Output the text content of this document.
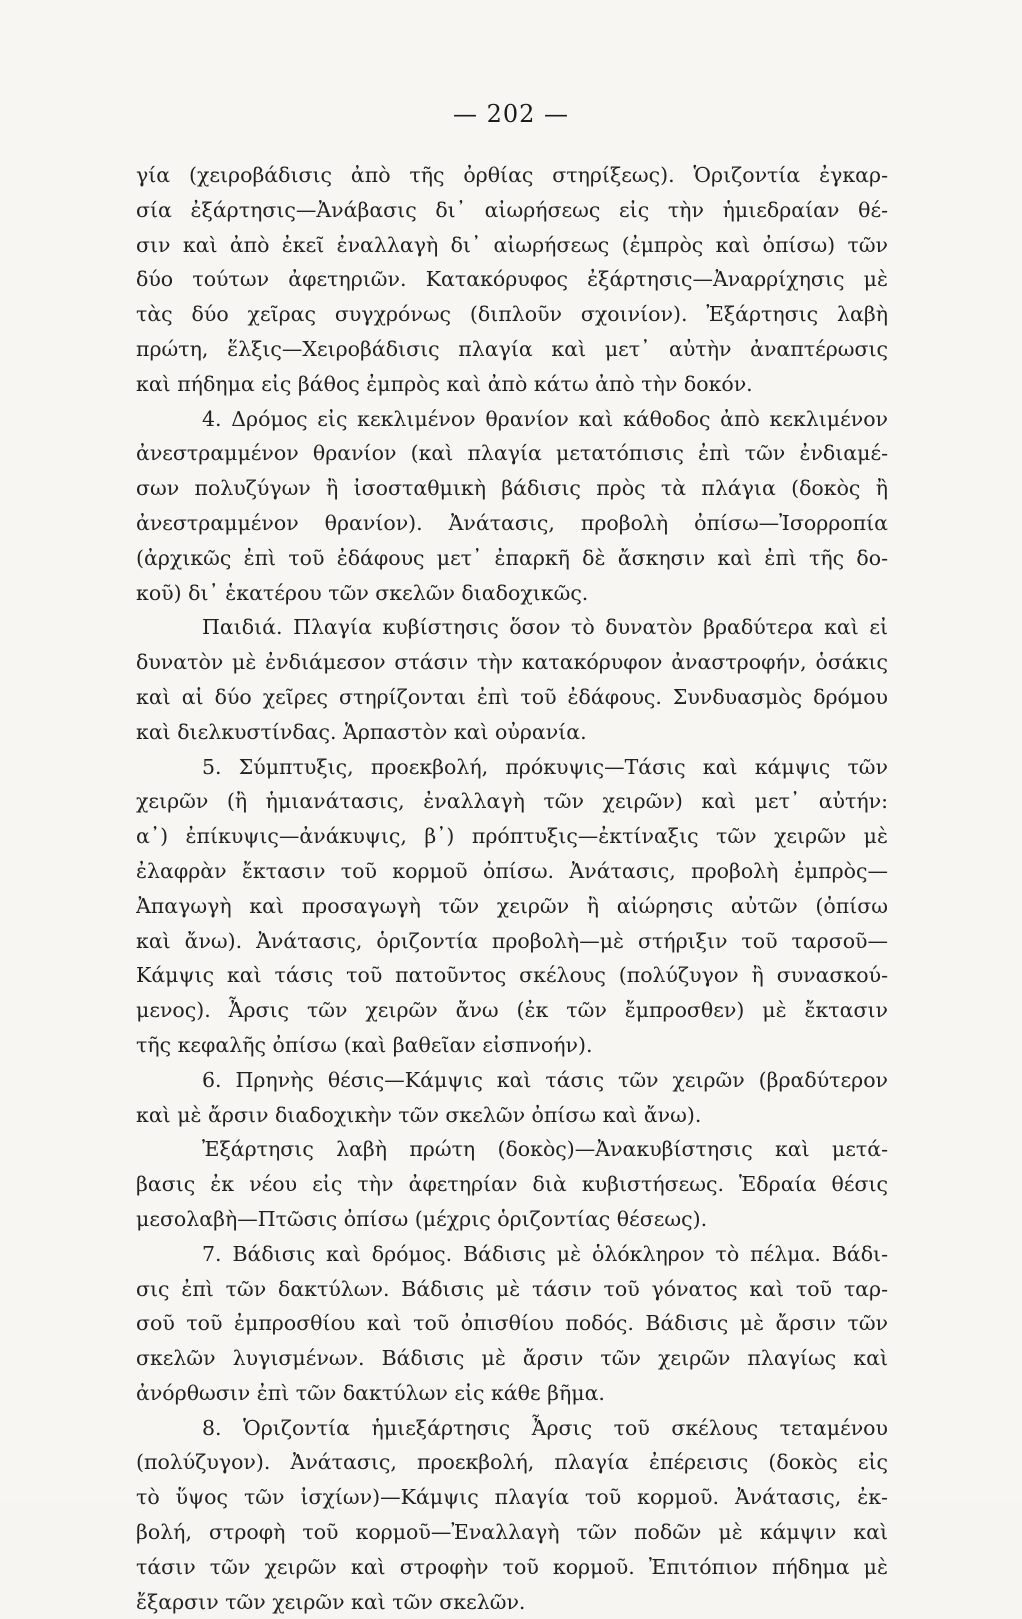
— 202 —
γία (χειροβάδισις ἀπὸ τῆς ὀρθίας στηρίξεως). Ὁριζοντία ἐγκαρ-
σία ἐξάρτησις—Ἀνάβασις δι᾽ αἰωρήσεως εἰς τὴν ἡμιεδραίαν θέ-
σιν καὶ ἀπὸ ἐκεῖ ἐναλλαγὴ δι᾽ αἰωρήσεως (ἐμπρὸς καὶ ὀπίσω) τῶν
δύο τούτων ἀφετηριῶν. Κατακόρυφος ἐξάρτησις—Ἀναρρίχησις μὲ
τὰς δύο χεῖρας συγχρόνως (διπλοῦν σχοινίον). Ἐξάρτησις λαβὴ
πρώτη, ἕλξις—Χειροβάδισις πλαγία καὶ μετ᾽ αὐτὴν ἀναπτέρωσις
καὶ πήδημα εἰς βάθος ἐμπρὸς καὶ ἀπὸ κάτω ἀπὸ τὴν δοκόν.
4. Δρόμος εἰς κεκλιμένον θρανίον καὶ κάθοδος ἀπὸ κεκλιμένον
ἀνεστραμμένον θρανίον (καὶ πλαγία μετατόπισις ἐπὶ τῶν ἐνδιαμέ-
σων πολυζύγων ἢ ἰσοσταθμικὴ βάδισις πρὸς τὰ πλάγια (δοκὸς ἢ
ἀνεστραμμένον θρανίον). Ἀνάτασις, προβολὴ ὀπίσω—Ἰσορροπία
(ἀρχικῶς ἐπὶ τοῦ ἐδάφους μετ᾽ ἐπαρκῆ δὲ ἄσκησιν καὶ ἐπὶ τῆς δο-
κοῦ) δι᾽ ἑκατέρου τῶν σκελῶν διαδοχικῶς.
Παιδιά. Πλαγία κυβίστησις ὅσον τὸ δυνατὸν βραδύτερα καὶ εἰ
δυνατὸν μὲ ἐνδιάμεσον στάσιν τὴν κατακόρυφον ἀναστροφήν, ὁσάκις
καὶ αἱ δύο χεῖρες στηρίζονται ἐπὶ τοῦ ἐδάφους. Συνδυασμὸς δρόμου
καὶ διελκυστίνδας. Ἁρπαστὸν καὶ οὐρανία.
5. Σύμπτυξις, προεκβολή, πρόκυψις—Τάσις καὶ κάμψις τῶν
χειρῶν (ἢ ἡμιανάτασις, ἐναλλαγὴ τῶν χειρῶν) καὶ μετ᾽ αὐτήν:
α᾽) ἐπίκυψις—ἀνάκυψις, β᾽) πρόπτυξις—ἐκτίναξις τῶν χειρῶν μὲ
ἐλαφρὰν ἔκτασιν τοῦ κορμοῦ ὀπίσω. Ἀνάτασις, προβολὴ ἐμπρὸς—
Ἀπαγωγὴ καὶ προσαγωγὴ τῶν χειρῶν ἢ αἰώρησις αὐτῶν (ὀπίσω
καὶ ἄνω). Ἀνάτασις, ὁριζοντία προβολὴ—μὲ στήριξιν τοῦ ταρσοῦ—
Κάμψις καὶ τάσις τοῦ πατοῦντος σκέλους (πολύζυγον ἢ συνασκού-
μενος). Ἆρσις τῶν χειρῶν ἄνω (ἐκ τῶν ἔμπροσθεν) μὲ ἔκτασιν
τῆς κεφαλῆς ὀπίσω (καὶ βαθεῖαν εἰσπνοήν).
6. Πρηνὴς θέσις—Κάμψις καὶ τάσις τῶν χειρῶν (βραδύτερον
καὶ μὲ ἄρσιν διαδοχικὴν τῶν σκελῶν ὀπίσω καὶ ἄνω).
Ἐξάρτησις λαβὴ πρώτη (δοκὸς)—Ἀνακυβίστησις καὶ μετά-
βασις ἐκ νέου εἰς τὴν ἀφετηρίαν διὰ κυβιστήσεως. Ἑδραία θέσις
μεσολαβὴ—Πτῶσις ὀπίσω (μέχρις ὁριζοντίας θέσεως).
7. Βάδισις καὶ δρόμος. Βάδισις μὲ ὁλόκληρον τὸ πέλμα. Βάδι-
σις ἐπὶ τῶν δακτύλων. Βάδισις μὲ τάσιν τοῦ γόνατος καὶ τοῦ ταρ-
σοῦ τοῦ ἐμπροσθίου καὶ τοῦ ὀπισθίου ποδός. Βάδισις μὲ ἄρσιν τῶν
σκελῶν λυγισμένων. Βάδισις μὲ ἄρσιν τῶν χειρῶν πλαγίως καὶ
ἀνόρθωσιν ἐπὶ τῶν δακτύλων εἰς κάθε βῆμα.
8. Ὁριζοντία ἡμιεξάρτησις Ἆρσις τοῦ σκέλους τεταμένου
(πολύζυγον). Ἀνάτασις, προεκβολή, πλαγία ἐπέρεισις (δοκὸς εἰς
τὸ ὕψος τῶν ἰσχίων)—Κάμψις πλαγία τοῦ κορμοῦ. Ἀνάτασις, ἐκ-
βολή, στροφὴ τοῦ κορμοῦ—Ἐναλλαγὴ τῶν ποδῶν μὲ κάμψιν καὶ
τάσιν τῶν χειρῶν καὶ στροφὴν τοῦ κορμοῦ. Ἐπιτόπιον πήδημα μὲ
ἔξαρσιν τῶν χειρῶν καὶ τῶν σκελῶν.
